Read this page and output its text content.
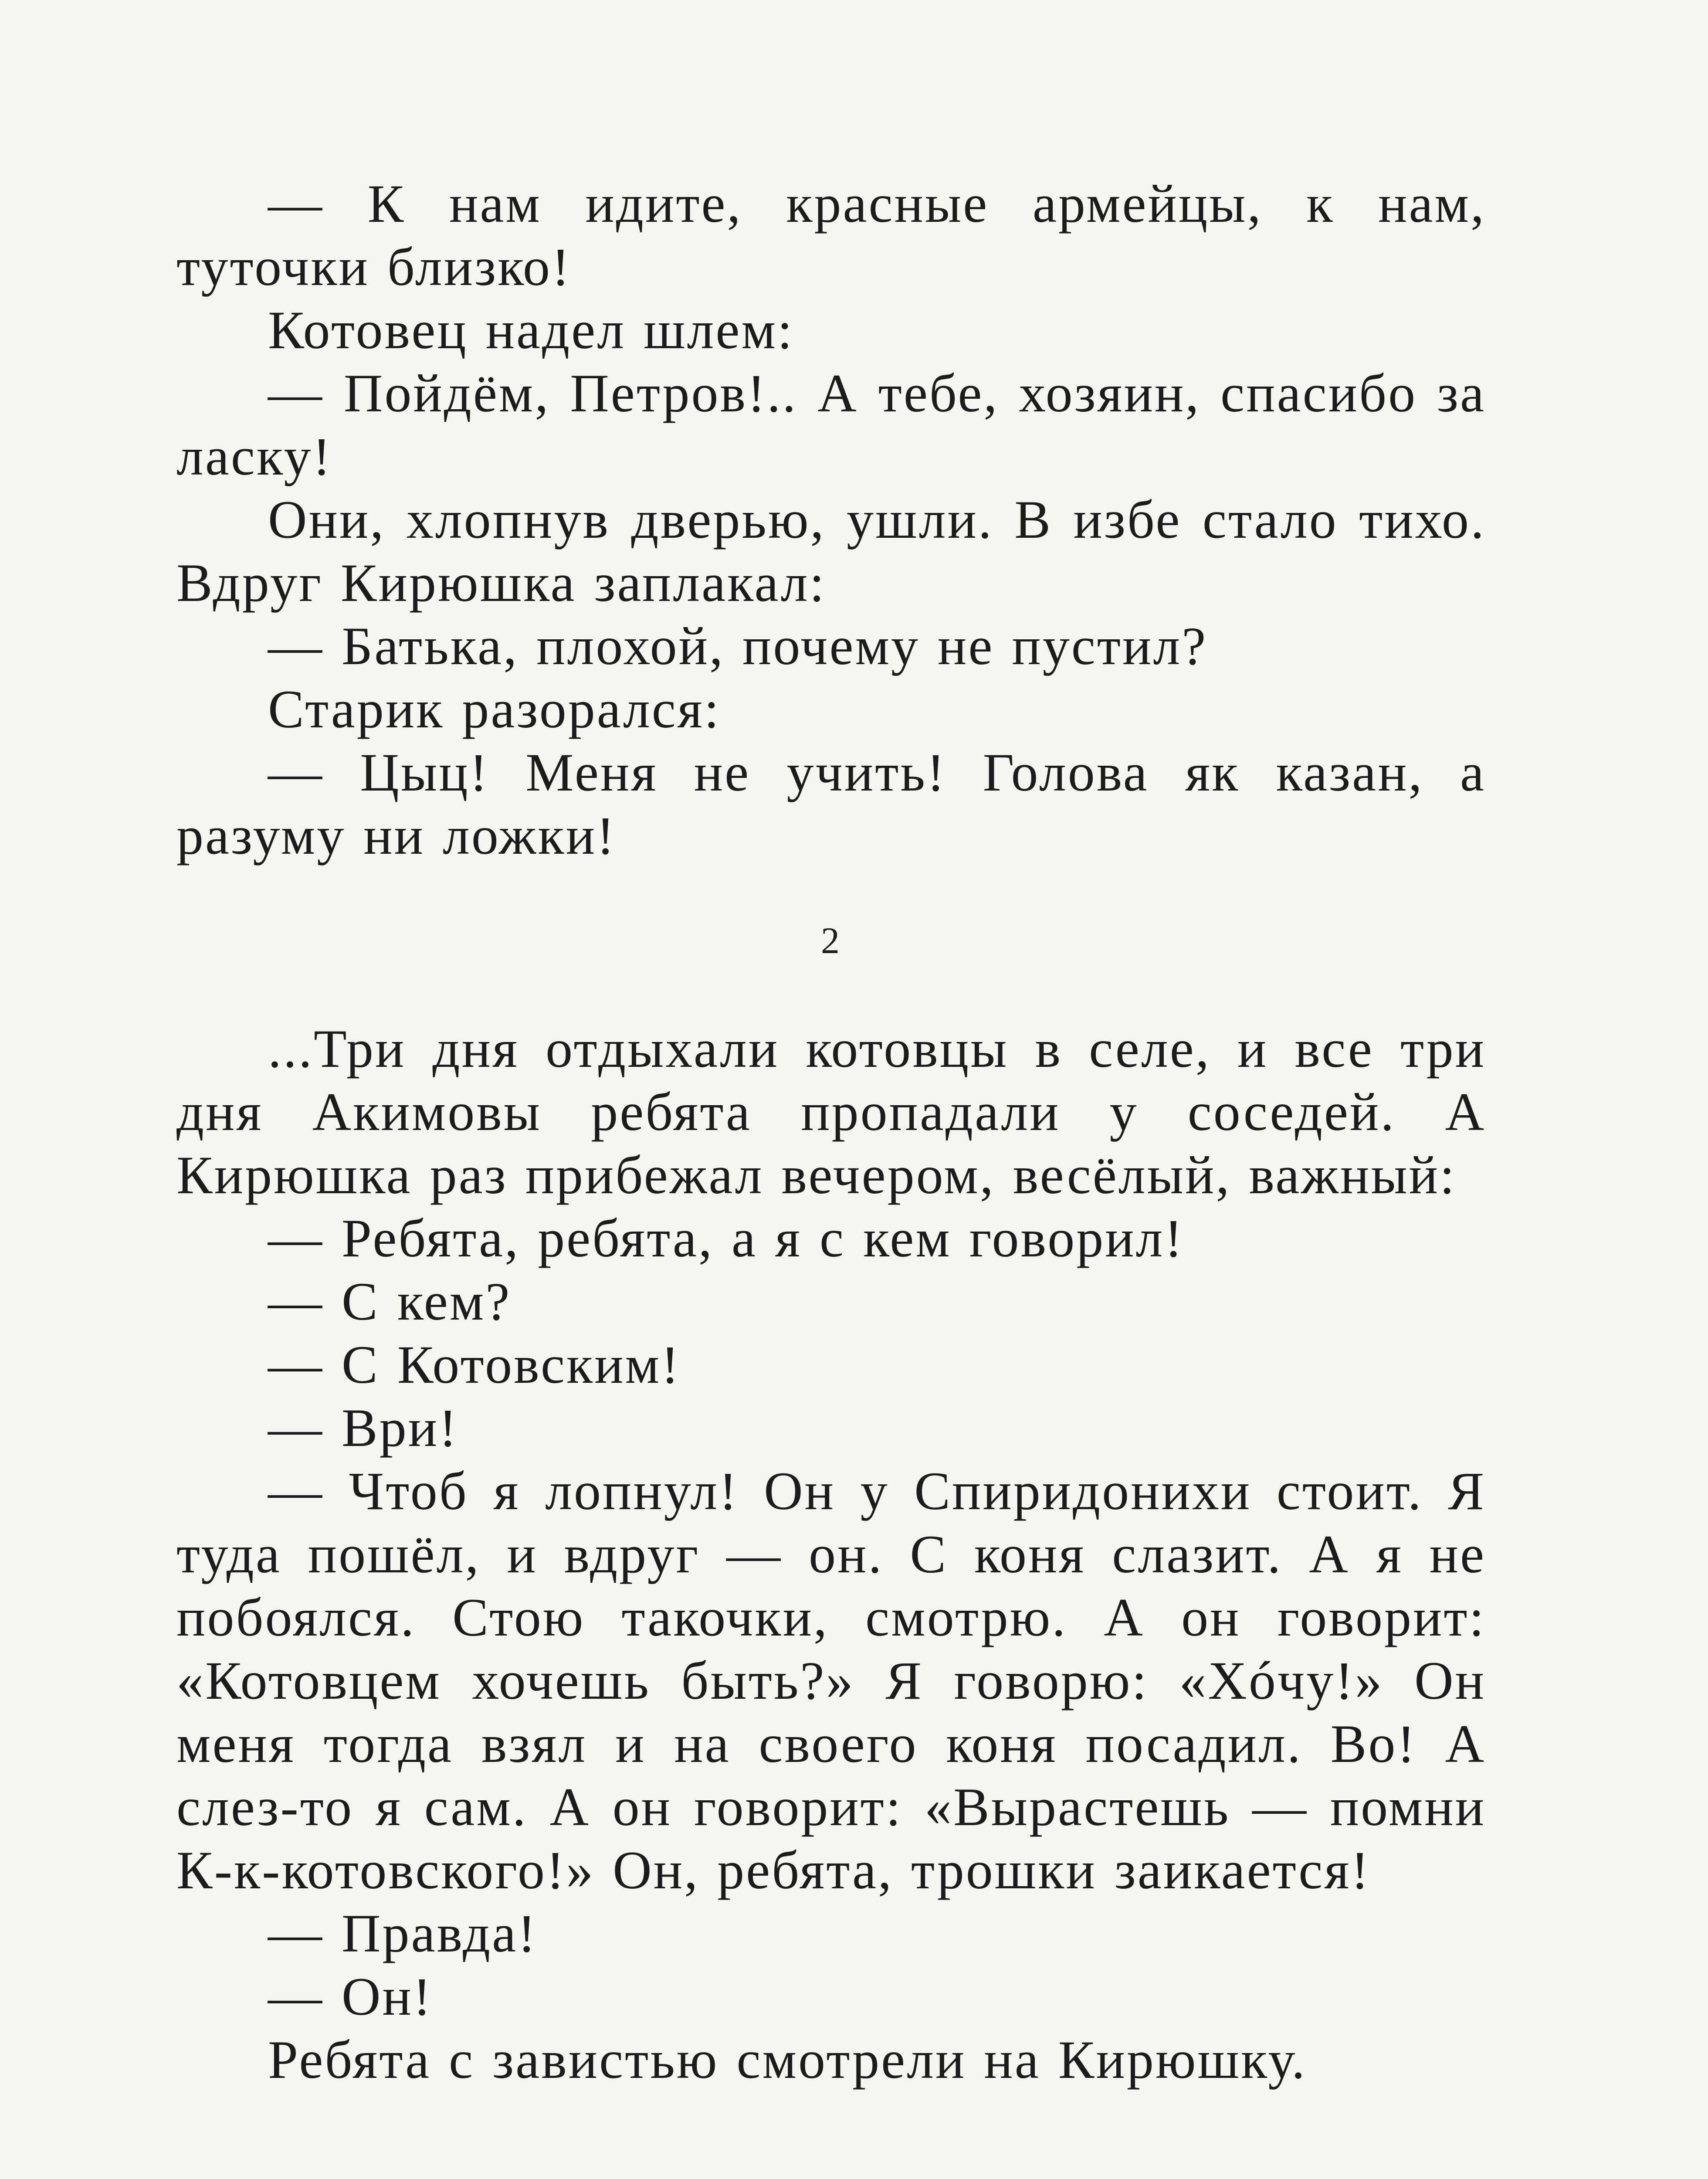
— К нам идите, красные армейцы, к нам, туточки близко!

Котовец надел шлем:

— Пойдём, Петров!.. А тебе, хозяин, спасибо за ласку!

Они, хлопнув дверью, ушли. В избе стало тихо. Вдруг Кирюшка заплакал:

— Батька, плохой, почему не пустил?

Старик разорался:

— Цыц! Меня не учить! Голова як казан, а разуму ни ложки!

2

...Три дня отдыхали котовцы в селе, и все три дня Акимовы ребята пропадали у соседей. А Кирюшка раз прибежал вечером, весёлый, важный:

— Ребята, ребята, а я с кем говорил!

— С кем?

— С Котовским!

— Ври!

— Чтоб я лопнул! Он у Спиридонихи стоит. Я туда пошёл, и вдруг — он. С коня слазит. А я не побоялся. Стою такочки, смотрю. А он говорит: «Котовцем хочешь быть?» Я говорю: «Хóчу!» Он меня тогда взял и на своего коня посадил. Во! А слез-то я сам. А он говорит: «Вырастешь — помни К-к-котовского!» Он, ребята, трошки заикается!

— Правда!

— Он!

Ребята с завистью смотрели на Кирюшку.
